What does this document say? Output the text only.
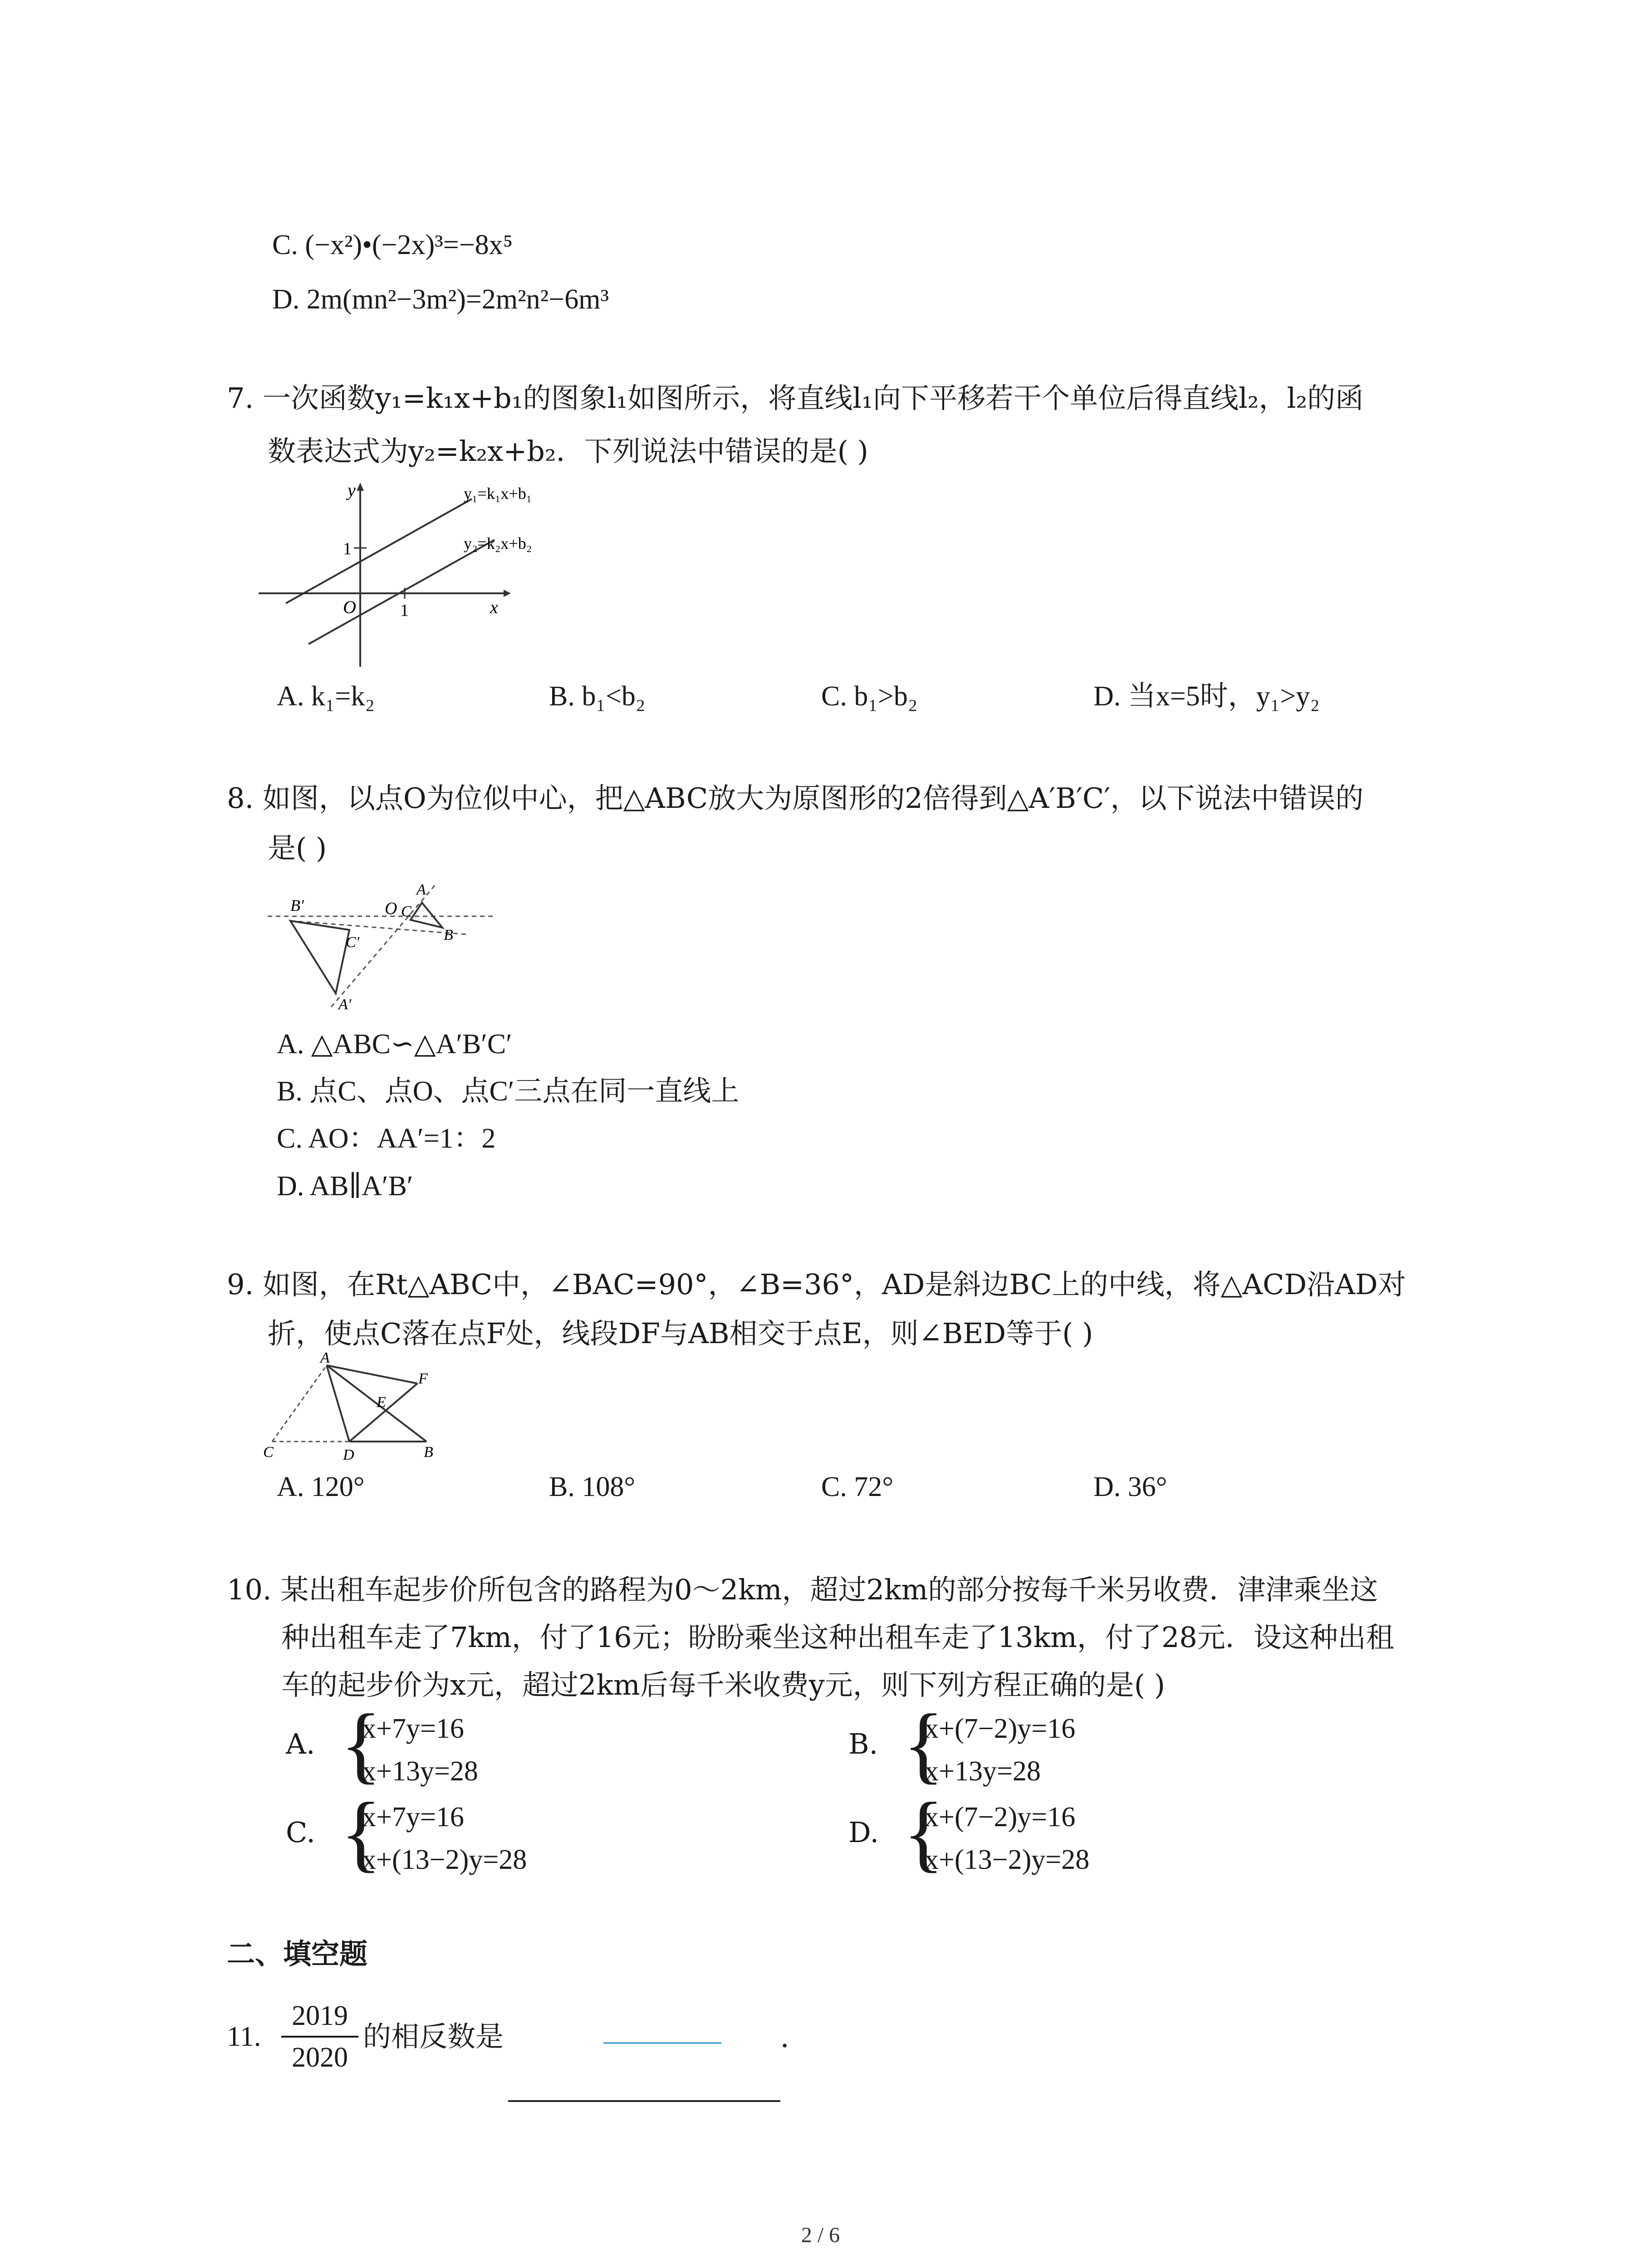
C. (−x²)•(−2x)³=−8x⁵
D. 2m(mn²−3m²)=2m²n²−6m³
7. 一次函数y₁=k₁x+b₁的图象l₁如图所示，将直线l₁向下平移若干个单位后得直线l₂，l₂的函
数表达式为y₂=k₂x+b₂．下列说法中错误的是( )
y	y₁=k₁x+b₁
y₂=k₂x+b₂
1
O	1	x
A. k₁=k₂	B. b₁<b₂	C. b₁>b₂	D. 当x=5时，y₁>y₂
8. 如图，以点O为位似中心，把△ABC放大为原图形的2倍得到△A′B′C′，以下说法中错误的
是( )
B′
C′
A′
O
A
C
B
A. △ABC∽△A′B′C′
B. 点C、点O、点C′三点在同一直线上
C. AO：AA′=1：2
D. AB∥A′B′
9. 如图，在Rt△ABC中，∠BAC=90°，∠B=36°，AD是斜边BC上的中线，将△ACD沿AD对
折，使点C落在点F处，线段DF与AB相交于点E，则∠BED等于( )
A
E
F
C	D	B
A. 120°	B. 108°	C. 72°	D. 36°
10. 某出租车起步价所包含的路程为0～2km，超过2km的部分按每千米另收费．津津乘坐这
种出租车走了7km，付了16元；盼盼乘坐这种出租车走了13km，付了28元．设这种出租
车的起步价为x元，超过2km后每千米收费y元，则下列方程正确的是( )
A. {
x+7y=16
x+13y=28
B. {
x+(7−2)y=16
x+13y=28
C. {
x+7y=16
x+(13−2)y=28
D. {
x+(7−2)y=16
x+(13−2)y=28
二、填空题
11.
2019
2020
的相反数是	．
2 / 6
